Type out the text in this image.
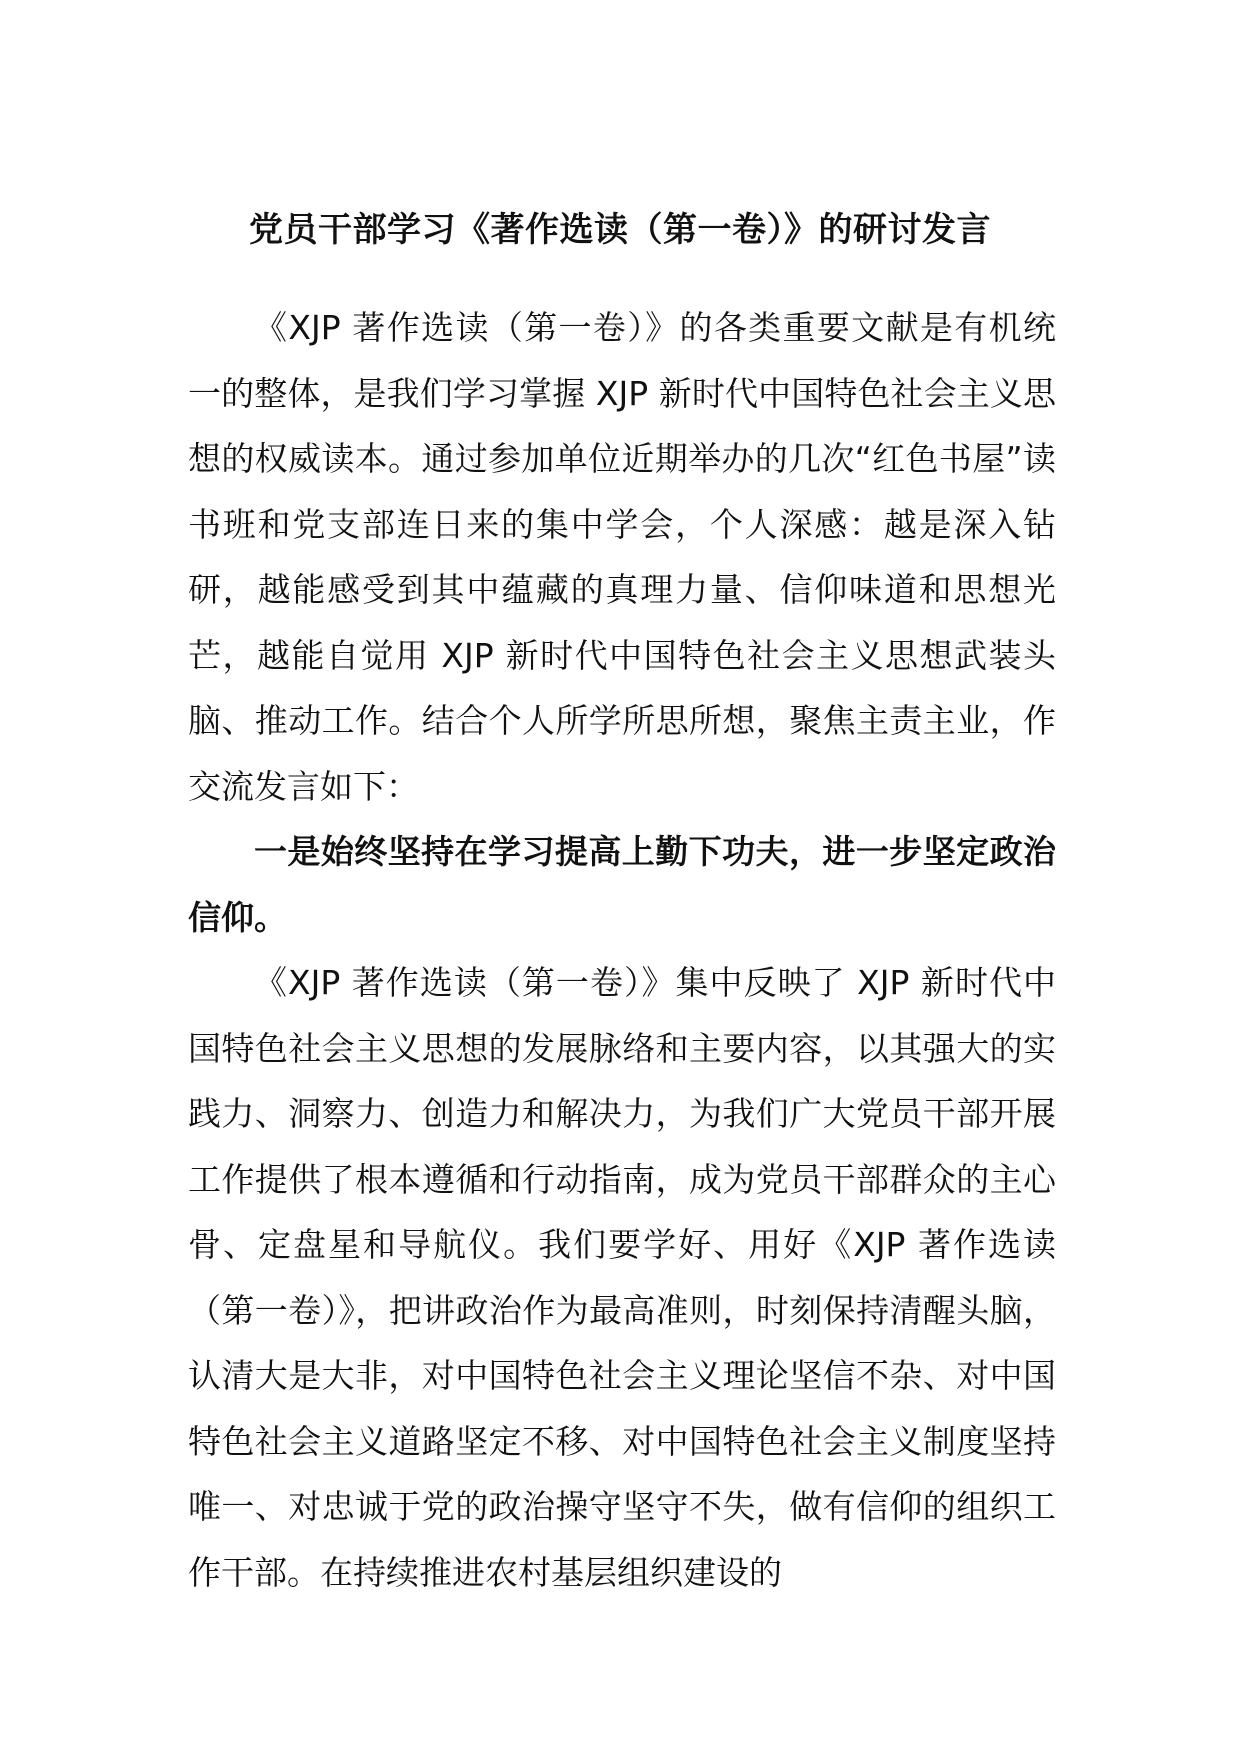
党员干部学习《著作选读（第一卷）》的研讨发言

《XJP 著作选读（第一卷）》的各类重要文献是有机统一的整体，是我们学习掌握 XJP 新时代中国特色社会主义思想的权威读本。通过参加单位近期举办的几次“红色书屋”读书班和党支部连日来的集中学会，个人深感：越是深入钻研，越能感受到其中蕴藏的真理力量、信仰味道和思想光芒，越能自觉用 XJP 新时代中国特色社会主义思想武装头脑、推动工作。结合个人所学所思所想，聚焦主责主业，作交流发言如下：

一是始终坚持在学习提高上勤下功夫，进一步坚定政治信仰。

《XJP 著作选读（第一卷）》集中反映了 XJP 新时代中国特色社会主义思想的发展脉络和主要内容，以其强大的实践力、洞察力、创造力和解决力，为我们广大党员干部开展工作提供了根本遵循和行动指南，成为党员干部群众的主心骨、定盘星和导航仪。我们要学好、用好《XJP 著作选读（第一卷）》，把讲政治作为最高准则，时刻保持清醒头脑，认清大是大非，对中国特色社会主义理论坚信不杂、对中国特色社会主义道路坚定不移、对中国特色社会主义制度坚持唯一、对忠诚于党的政治操守坚守不失，做有信仰的组织工作干部。在持续推进农村基层组织建设的
